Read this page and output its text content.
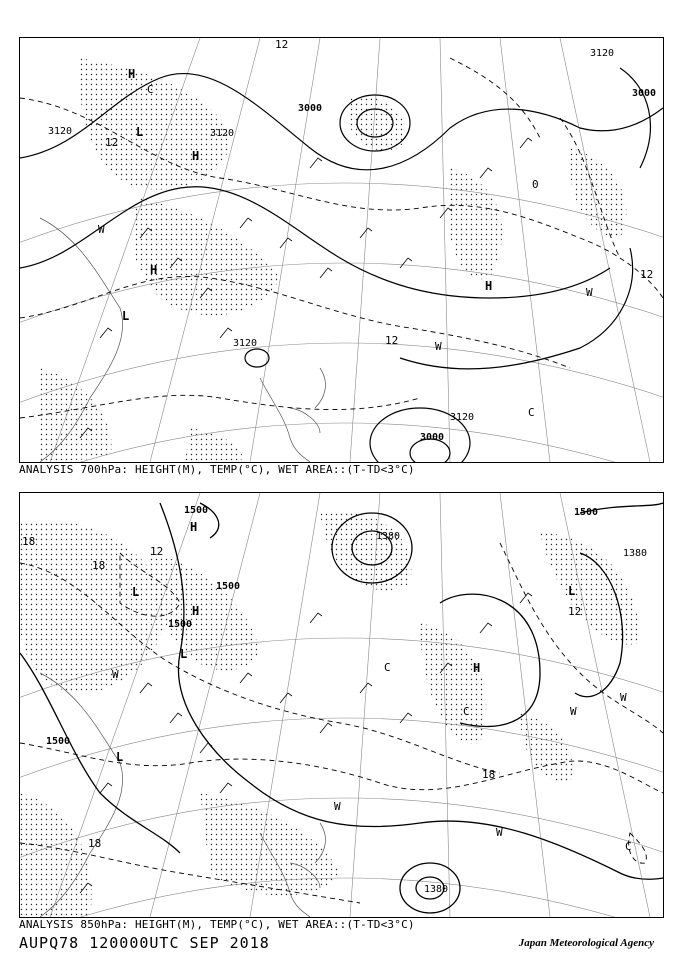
3120
3000
3120
3120
3000
3000
3120
3120
H
H
H
L
L
H
12
12
0
12
12
C
C
W
W
W
ANALYSIS 700hPa: HEIGHT(M), TEMP(°C), WET AREA::(T-TD<3°C)
1500
1500
1500
1500
1380
1380
1500
1380
L
H
H
L
L
H
L
18
18
18
18
12
12
C
C
C
W
W
W
W
W
ANALYSIS 850hPa: HEIGHT(M), TEMP(°C), WET AREA::(T-TD<3°C)
AUPQ78 120000UTC SEP 2018	Japan Meteorological Agency
